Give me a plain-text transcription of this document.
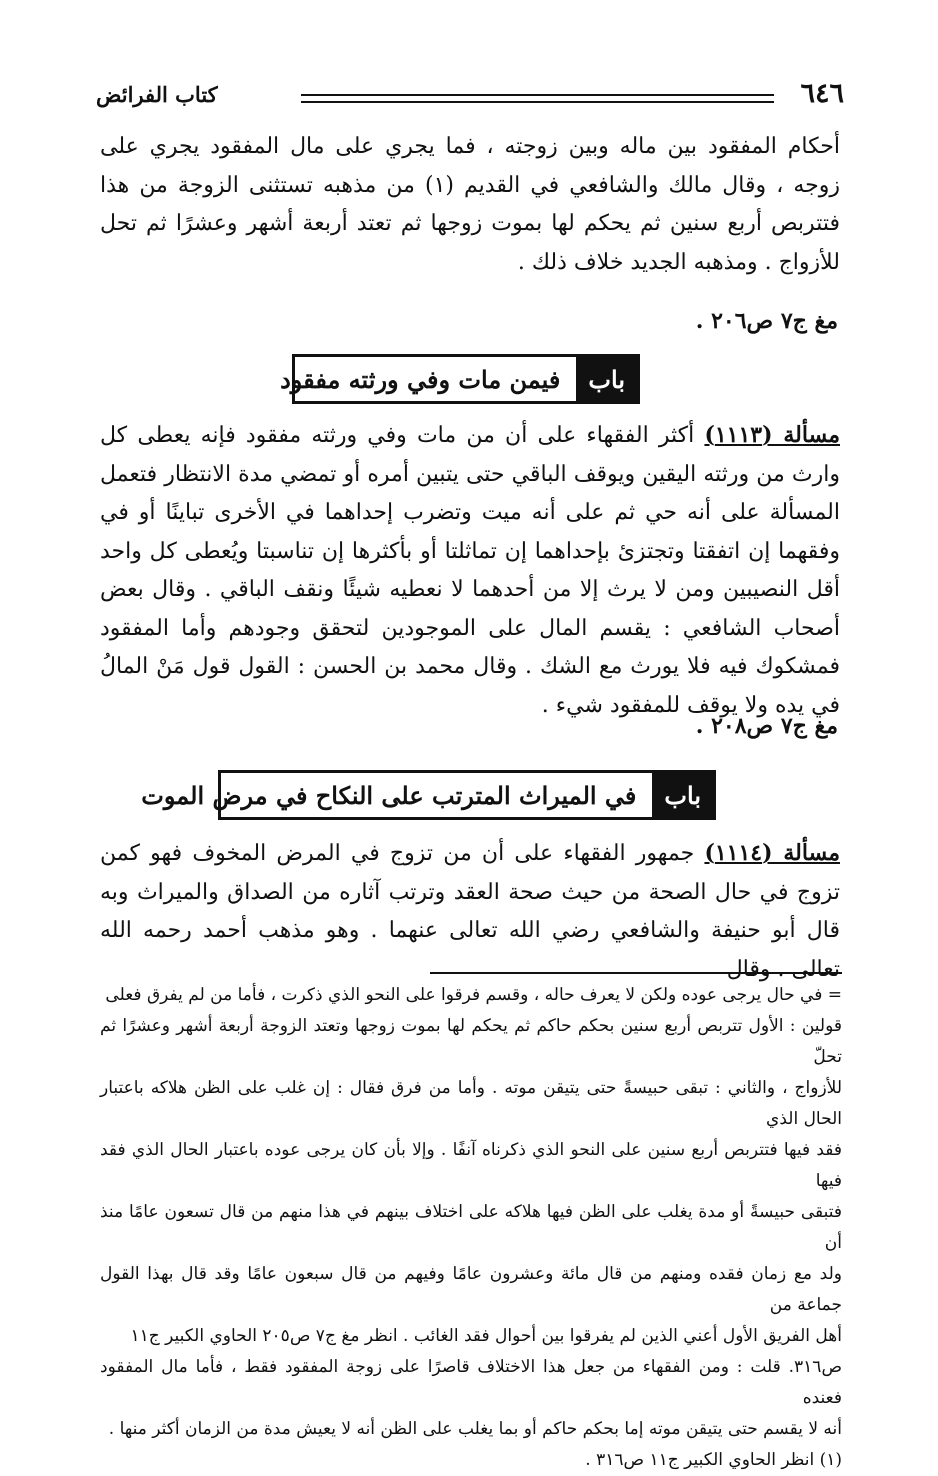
٦٤٦
كتاب الفرائض
أحكام المفقود بين ماله وبين زوجته ، فما يجري على مال المفقود يجري على زوجه ، وقال مالك والشافعي في القديم (١) من مذهبه تستثنى الزوجة من هذا فتتربص أربع سنين ثم يحكم لها بموت زوجها ثم تعتد أربعة أشهر وعشرًا ثم تحل للأزواج . ومذهبه الجديد خلاف ذلك .
مغ ج٧ ص٢٠٦ .
باب
فيمن مات وفي ورثته مفقود
مسألة (١١١٣) أكثر الفقهاء على أن من مات وفي ورثته مفقود فإنه يعطى كل وارث من ورثته اليقين ويوقف الباقي حتى يتبين أمره أو تمضي مدة الانتظار فتعمل المسألة على أنه حي ثم على أنه ميت وتضرب إحداهما في الأخرى تباينًا أو في وفقهما إن اتفقتا وتجتزئ بإحداهما إن تماثلتا أو بأكثرها إن تناسبتا ويُعطى كل واحد أقل النصيبين ومن لا يرث إلا من أحدهما لا نعطيه شيئًا ونقف الباقي . وقال بعض أصحاب الشافعي : يقسم المال على الموجودين لتحقق وجودهم وأما المفقود فمشكوك فيه فلا يورث مع الشك . وقال محمد بن الحسن : القول قول مَنْ المالُ في يده ولا يوقف للمفقود شيء .
مغ ج٧ ص٢٠٨ .
باب
في الميراث المترتب على النكاح في مرض الموت
مسألة (١١١٤) جمهور الفقهاء على أن من تزوج في المرض المخوف فهو كمن تزوج في حال الصحة من حيث صحة العقد وترتب آثاره من الصداق والميراث وبه قال أبو حنيفة والشافعي رضي الله تعالى عنهما . وهو مذهب أحمد رحمه الله تعالى . وقال
= في حال يرجى عوده ولكن لا يعرف حاله ، وقسم فرقوا على النحو الذي ذكرت ، فأما من لم يفرق فعلى
قولين : الأول تتربص أربع سنين بحكم حاكم ثم يحكم لها بموت زوجها وتعتد الزوجة أربعة أشهر وعشرًا ثم تحلّ
للأزواج ، والثاني : تبقى حبيسةً حتى يتيقن موته . وأما من فرق فقال : إن غلب على الظن هلاكه باعتبار الحال الذي
فقد فيها فتتربص أربع سنين على النحو الذي ذكرناه آنفًا . وإلا بأن كان يرجى عوده باعتبار الحال الذي فقد فيها
فتبقى حبيسةً أو مدة يغلب على الظن فيها هلاكه على اختلاف بينهم في هذا منهم من قال تسعون عامًا منذ أن
ولد مع زمان فقده ومنهم من قال مائة وعشرون عامًا وفيهم من قال سبعون عامًا وقد قال بهذا القول جماعة من
أهل الفريق الأول أعني الذين لم يفرقوا بين أحوال فقد الغائب . انظر مغ ج٧ ص٢٠٥ الحاوي الكبير ج١١
ص٣١٦. قلت : ومن الفقهاء من جعل هذا الاختلاف قاصرًا على زوجة المفقود فقط ، فأما مال المفقود فعنده
أنه لا يقسم حتى يتيقن موته إما بحكم حاكم أو بما يغلب على الظن أنه لا يعيش مدة من الزمان أكثر منها .
(١) انظر الحاوي الكبير ج١١ ص٣١٦ .
